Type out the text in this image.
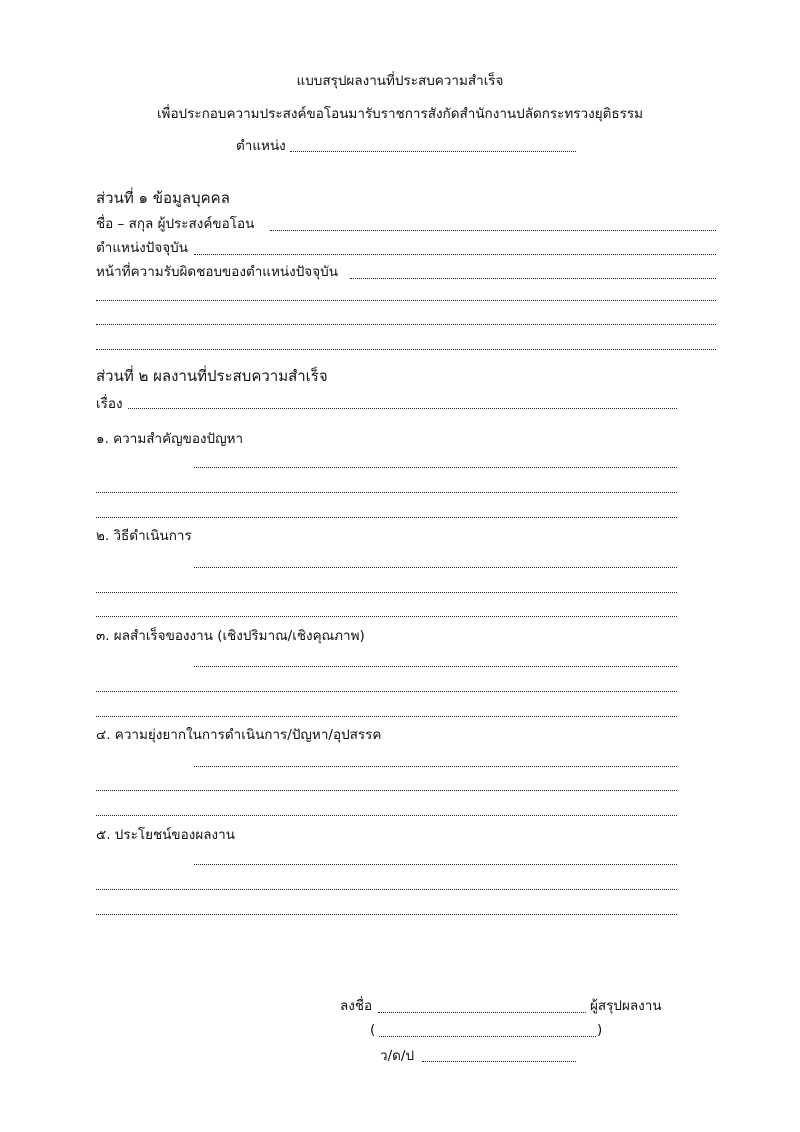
แบบสรุปผลงานที่ประสบความสำเร็จ
เพื่อประกอบความประสงค์ขอโอนมารับราชการสังกัดสำนักงานปลัดกระทรวงยุติธรรม
ตำแหน่ง
ส่วนที่ ๑ ข้อมูลบุคคล
ชื่อ – สกุล ผู้ประสงค์ขอโอน
ตำแหน่งปัจจุบัน
หน้าที่ความรับผิดชอบของตำแหน่งปัจจุบัน
ส่วนที่ ๒ ผลงานที่ประสบความสำเร็จ
เรื่อง
๑. ความสำคัญของปัญหา
๒. วิธีดำเนินการ
๓. ผลสำเร็จของงาน (เชิงปริมาณ/เชิงคุณภาพ)
๔. ความยุ่งยากในการดำเนินการ/ปัญหา/อุปสรรค
๕. ประโยชน์ของผลงาน
ลงชื่อ	ผู้สรุปผลงาน
(	)
ว/ด/ป
